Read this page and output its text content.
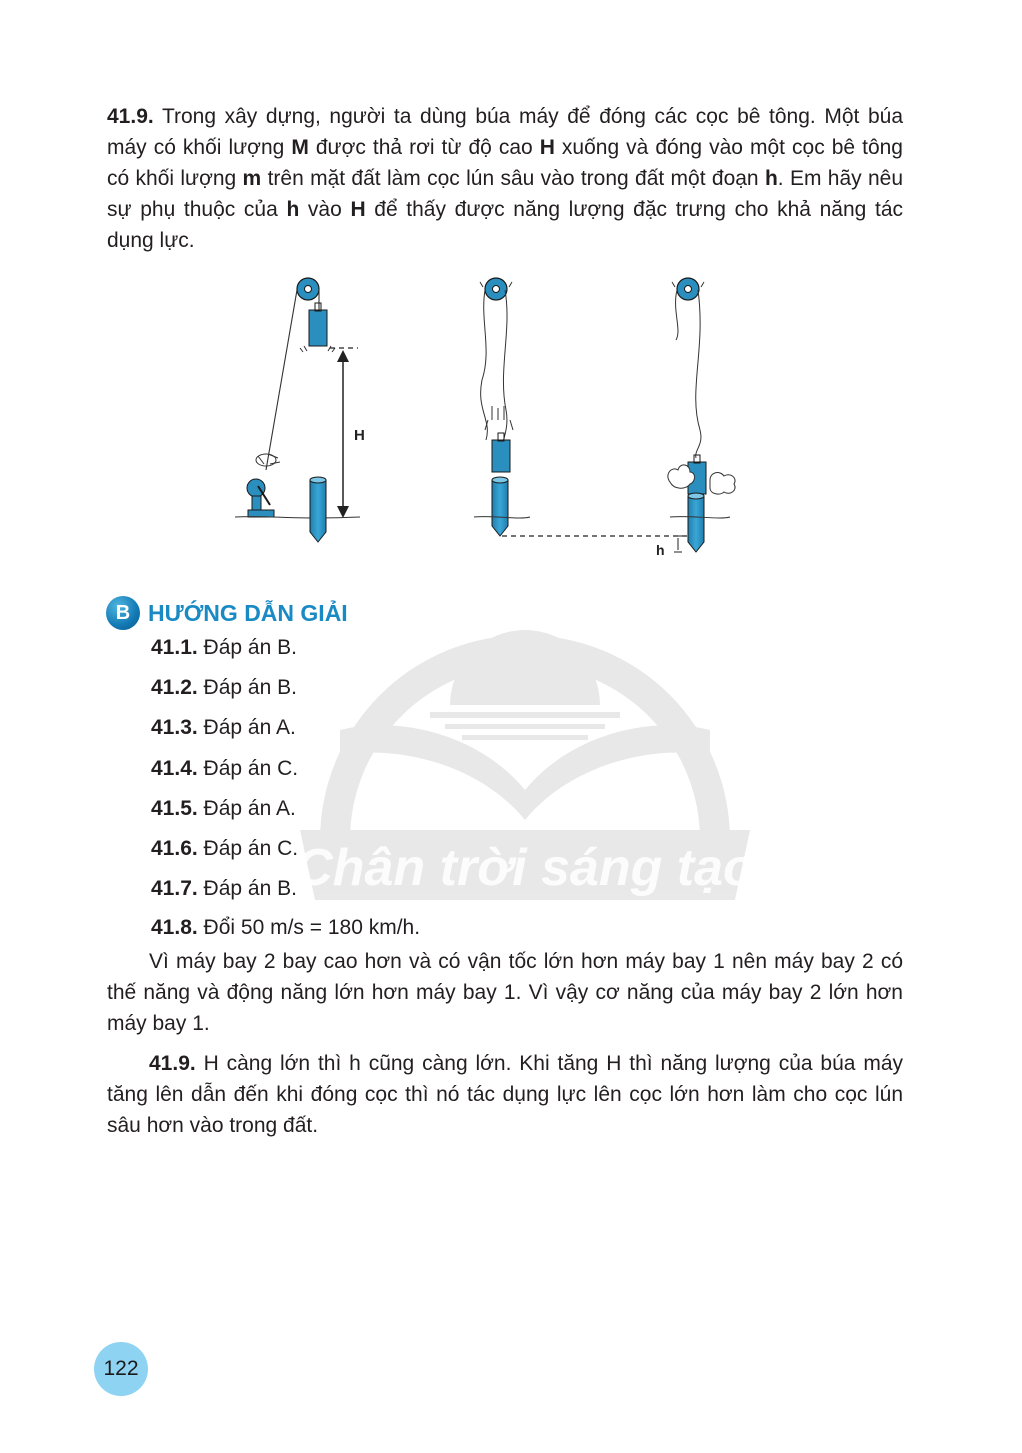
Chân trời sáng tạo

41.9. Trong xây dựng, người ta dùng búa máy để đóng các cọc bê tông. Một búa máy có khối lượng M được thả rơi từ độ cao H xuống và đóng vào một cọc bê tông có khối lượng m trên mặt đất làm cọc lún sâu vào trong đất một đoạn h. Em hãy nêu sự phụ thuộc của h vào H để thấy được năng lượng đặc trưng cho khả năng tác dụng lực.

H
h
B HƯỚNG DẪN GIẢI

41.1. Đáp án B.

41.2. Đáp án B.

41.3. Đáp án A.

41.4. Đáp án C.

41.5. Đáp án A.

41.6. Đáp án C.

41.7. Đáp án B.

41.8. Đổi 50 m/s = 180 km/h.

Vì máy bay 2 bay cao hơn và có vận tốc lớn hơn máy bay 1 nên máy bay 2 có thế năng và động năng lớn hơn máy bay 1. Vì vậy cơ năng của máy bay 2 lớn hơn máy bay 1.

41.9. H càng lớn thì h cũng càng lớn. Khi tăng H thì năng lượng của búa máy tăng lên dẫn đến khi đóng cọc thì nó tác dụng lực lên cọc lớn hơn làm cho cọc lún sâu hơn vào trong đất.

122
